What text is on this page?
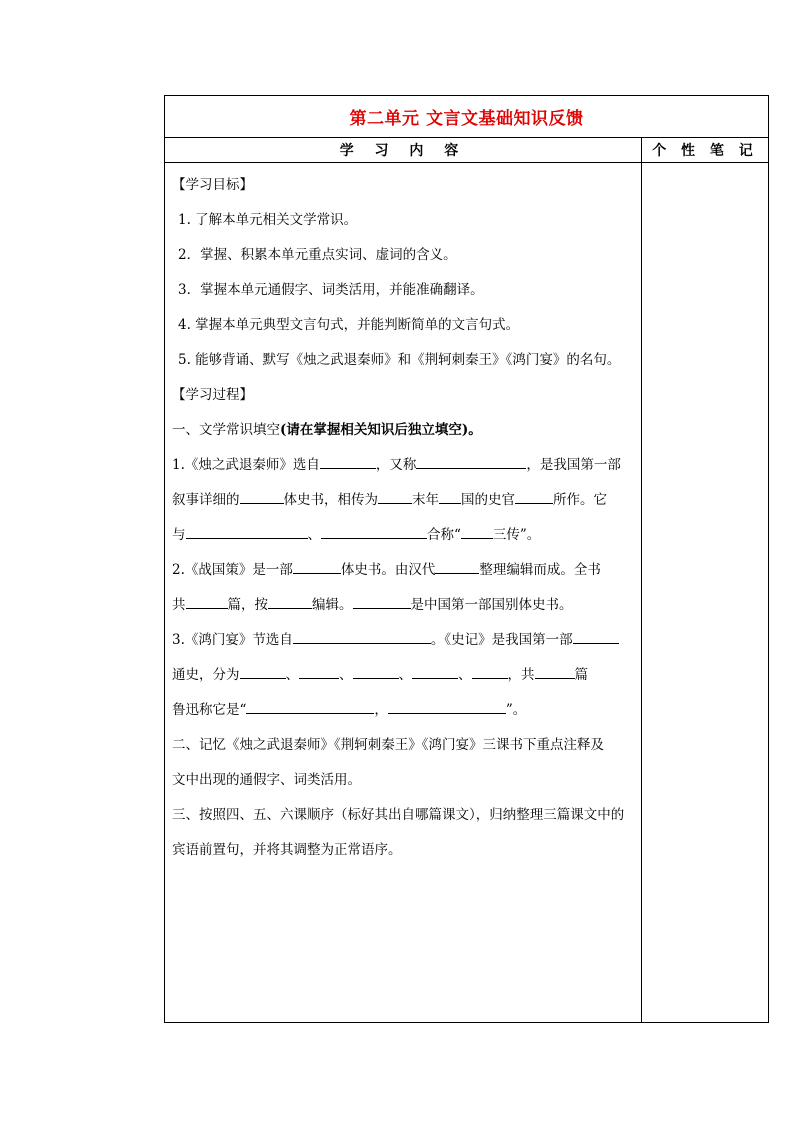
第二单元 文言文基础知识反馈
学 习 内 容	个 性 笔 记
【学习目标】
1. 了解本单元相关文学常识。
2．掌握、积累本单元重点实词、虚词的含义。
3．掌握本单元通假字、词类活用，并能准确翻译。
4. 掌握本单元典型文言句式，并能判断简单的文言句式。
5. 能够背诵、默写《烛之武退秦师》和《荆轲刺秦王》《鸿门宴》的名句。
【学习过程】
一、文学常识填空(请在掌握相关知识后独立填空)。
1.《烛之武退秦师》选自	，又称	，是我国第一部
叙事详细的	体史书，相传为	末年 国的史官	所作。它
与	、	合称“ 三传”。
2.《战国策》是一部	体史书。由汉代	整理编辑而成。全书
共	篇，按	编辑。	是中国第一部国别体史书。
3.《鸿门宴》节选自	。《史记》是我国第一部
通史，分为	、	、	、	、	，共	篇
鲁迅称它是“	，	”。
二、记忆《烛之武退秦师》《荆轲刺秦王》《鸿门宴》三课书下重点注释及
文中出现的通假字、词类活用。
三、按照四、五、六课顺序（标好其出自哪篇课文），归纳整理三篇课文中的
宾语前置句，并将其调整为正常语序。
